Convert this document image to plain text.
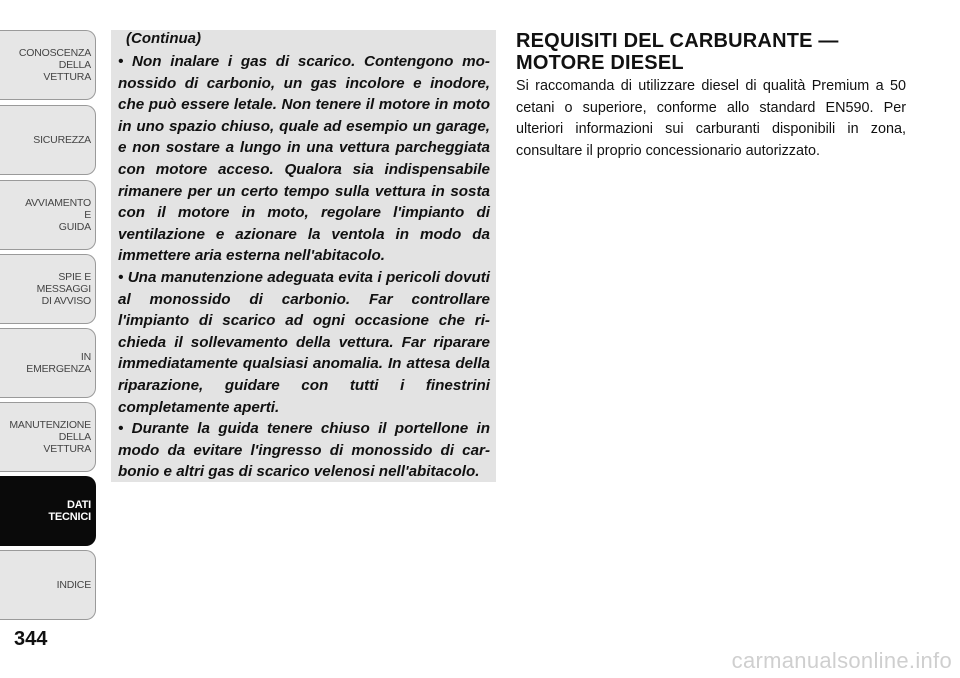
CONOSCENZA
DELLA
VETTURA
SICUREZZA
AVVIAMENTO
E
GUIDA
SPIE E
MESSAGGI
DI AVVISO
IN
EMERGENZA
MANUTENZIONE
DELLA
VETTURA
DATI
TECNICI
INDICE
344
(Continua)

• Non inalare i gas di scarico. Contengono mo-nossido di carbonio, un gas incolore e inodore, che può essere letale. Non tenere il motore in moto in uno spazio chiuso, quale ad esempio un garage, e non sostare a lungo in una vettura parcheggiata con motore acceso. Qualora sia indispensabile rimanere per un certo tempo sulla vettura in sosta con il motore in moto, regolare l'impianto di ventilazione e azionare la ventola in modo da immettere aria esterna nell'abitacolo.

• Una manutenzione adeguata evita i pericoli dovuti al monossido di carbonio. Far controllare l'impianto di scarico ad ogni occasione che ri-chieda il sollevamento della vettura. Far riparare immediatamente qualsiasi anomalia. In attesa della riparazione, guidare con tutti i finestrini completamente aperti.

• Durante la guida tenere chiuso il portellone in modo da evitare l'ingresso di monossido di car-bonio e altri gas di scarico velenosi nell'abitacolo.

REQUISITI DEL CARBURANTE —
MOTORE DIESEL

Si raccomanda di utilizzare diesel di qualità Premium a 50 cetani o superiore, conforme allo standard EN590. Per ulteriori informazioni sui carburanti disponibili in zona, consultare il proprio concessionario autorizzato.

carmanualsonline.info
